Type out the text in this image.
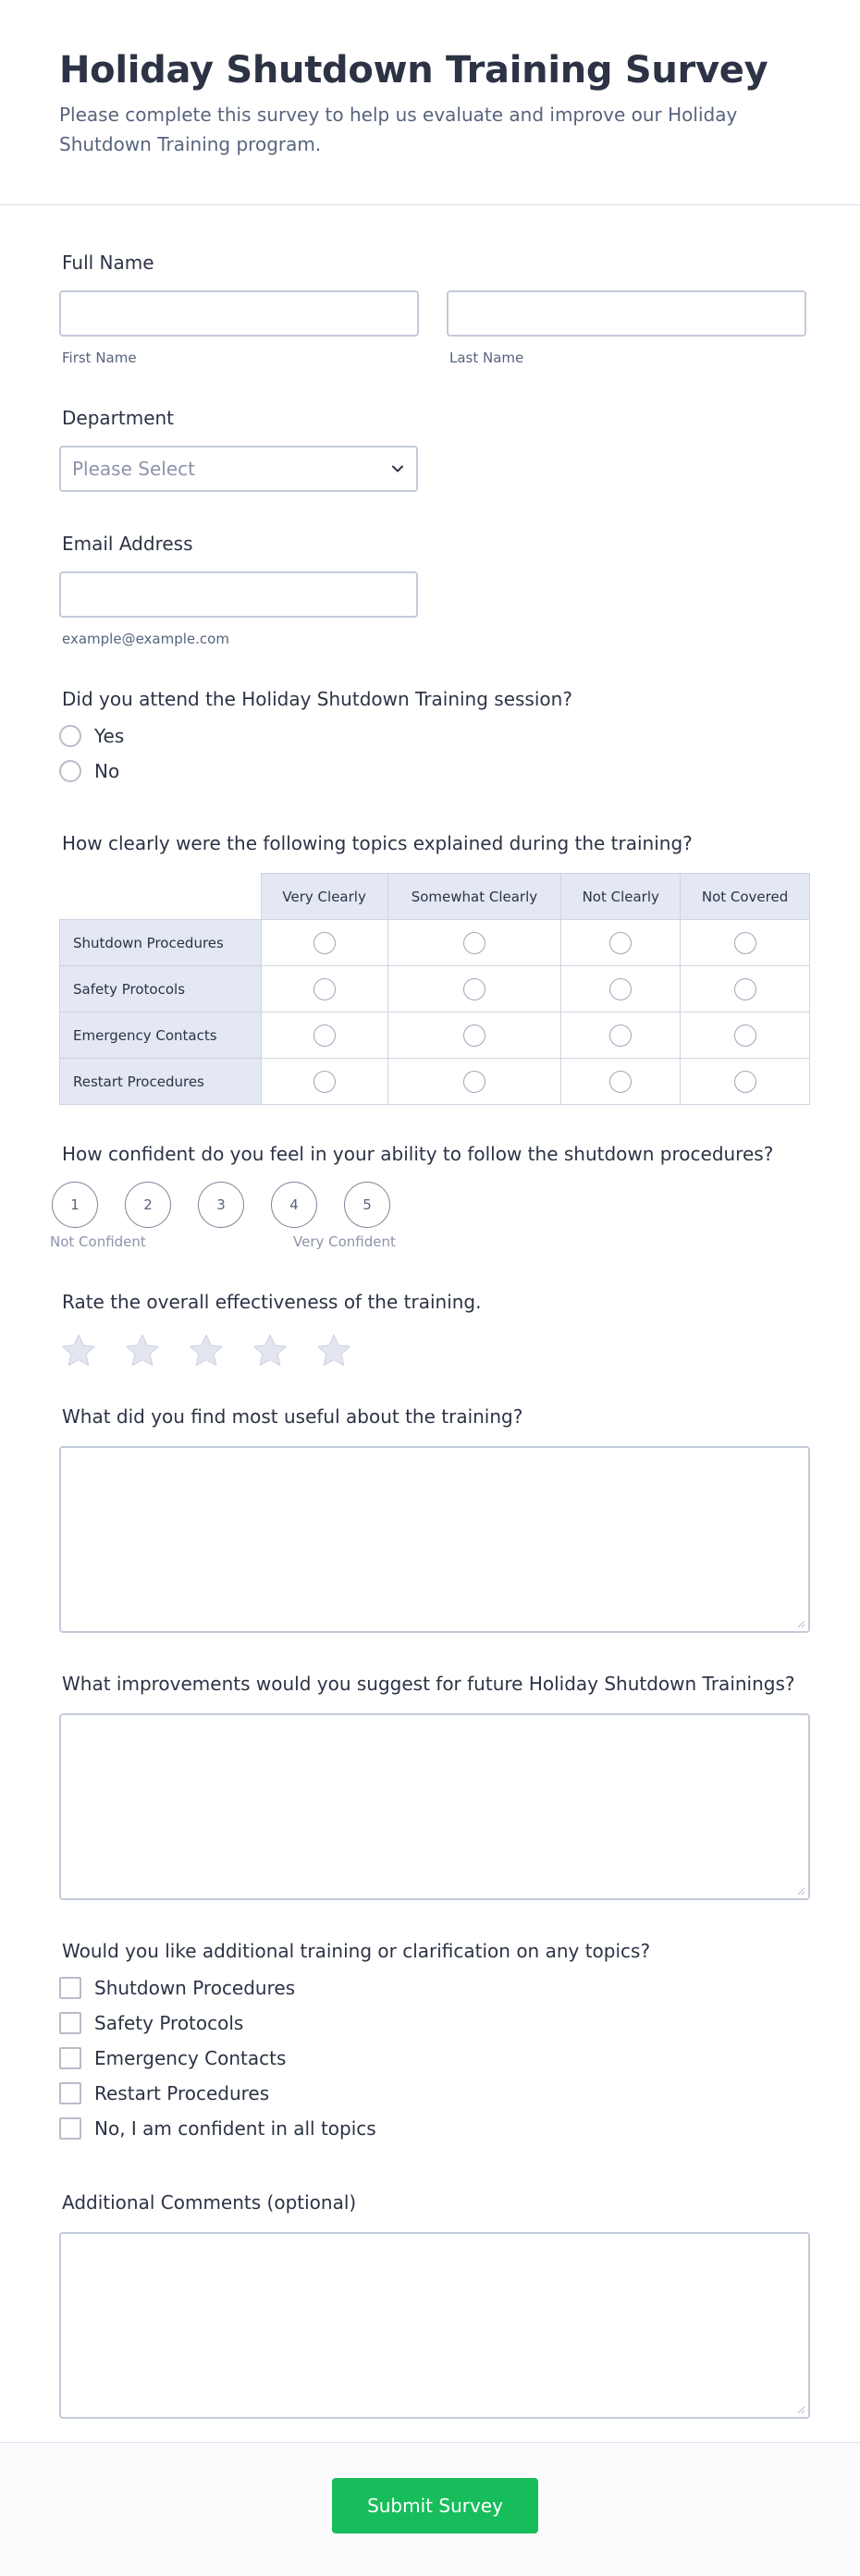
Holiday Shutdown Training Survey

Please complete this survey to help us evaluate and improve our Holiday Shutdown Training program.

Full Name
First Name	Last Name
Department
Please Select
Email Address
example@example.com
Did you attend the Holiday Shutdown Training session?
Yes
No
How clearly were the following topics explained during the training?
	Very Clearly	Somewhat Clearly	Not Clearly	Not Covered
Shutdown Procedures				
Safety Protocols				
Emergency Contacts				
Restart Procedures				
How confident do you feel in your ability to follow the shutdown procedures?
1	2	3	4	5
Not Confident	Very Confident
Rate the overall effectiveness of the training.
What did you find most useful about the training?
What improvements would you suggest for future Holiday Shutdown Trainings?
Would you like additional training or clarification on any topics?
Shutdown Procedures
Safety Protocols
Emergency Contacts
Restart Procedures
No, I am confident in all topics
Additional Comments (optional)
Submit Survey
